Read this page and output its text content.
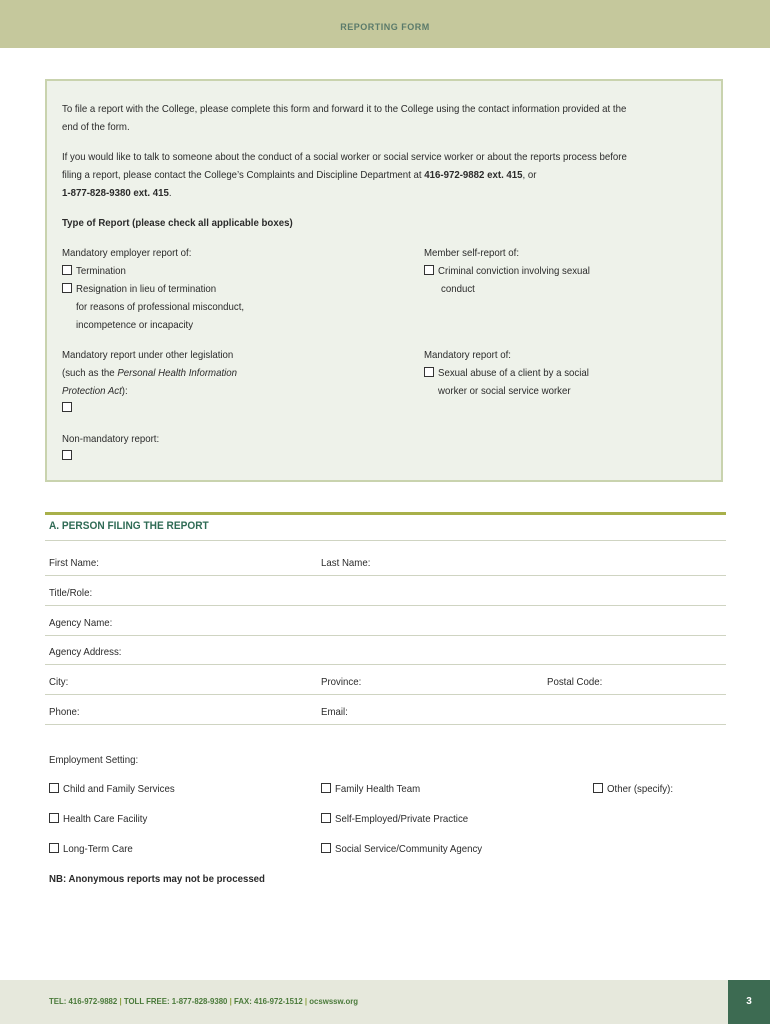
REPORTING FORM
To file a report with the College, please complete this form and forward it to the College using the contact information provided at the
end of the form.
If you would like to talk to someone about the conduct of a social worker or social service worker or about the reports process before
filing a report, please contact the College’s Complaints and Discipline Department at 416-972-9882 ext. 415, or
1-877-828-9380 ext. 415.
Type of Report (please check all applicable boxes)
Mandatory employer report of:
Termination
Resignation in lieu of termination
for reasons of professional misconduct,
incompetence or incapacity
Member self-report of:
Criminal conviction involving sexual
conduct
Mandatory report under other legislation
(such as the Personal Health Information
Protection Act):
Mandatory report of:
Sexual abuse of a client by a social
worker or social service worker
Non-mandatory report:
A. PERSON FILING THE REPORT
First Name:	Last Name:
Title/Role:
Agency Name:
Agency Address:
City:	Province:	Postal Code:
Phone:	Email:
Employment Setting:
Child and Family Services	Family Health Team	Other (specify):
Health Care Facility	Self-Employed/Private Practice
Long-Term Care	Social Service/Community Agency
NB: Anonymous reports may not be processed
TEL: 416-972-9882 | TOLL FREE: 1-877-828-9380 | FAX: 416-972-1512 | ocswssw.org	3
